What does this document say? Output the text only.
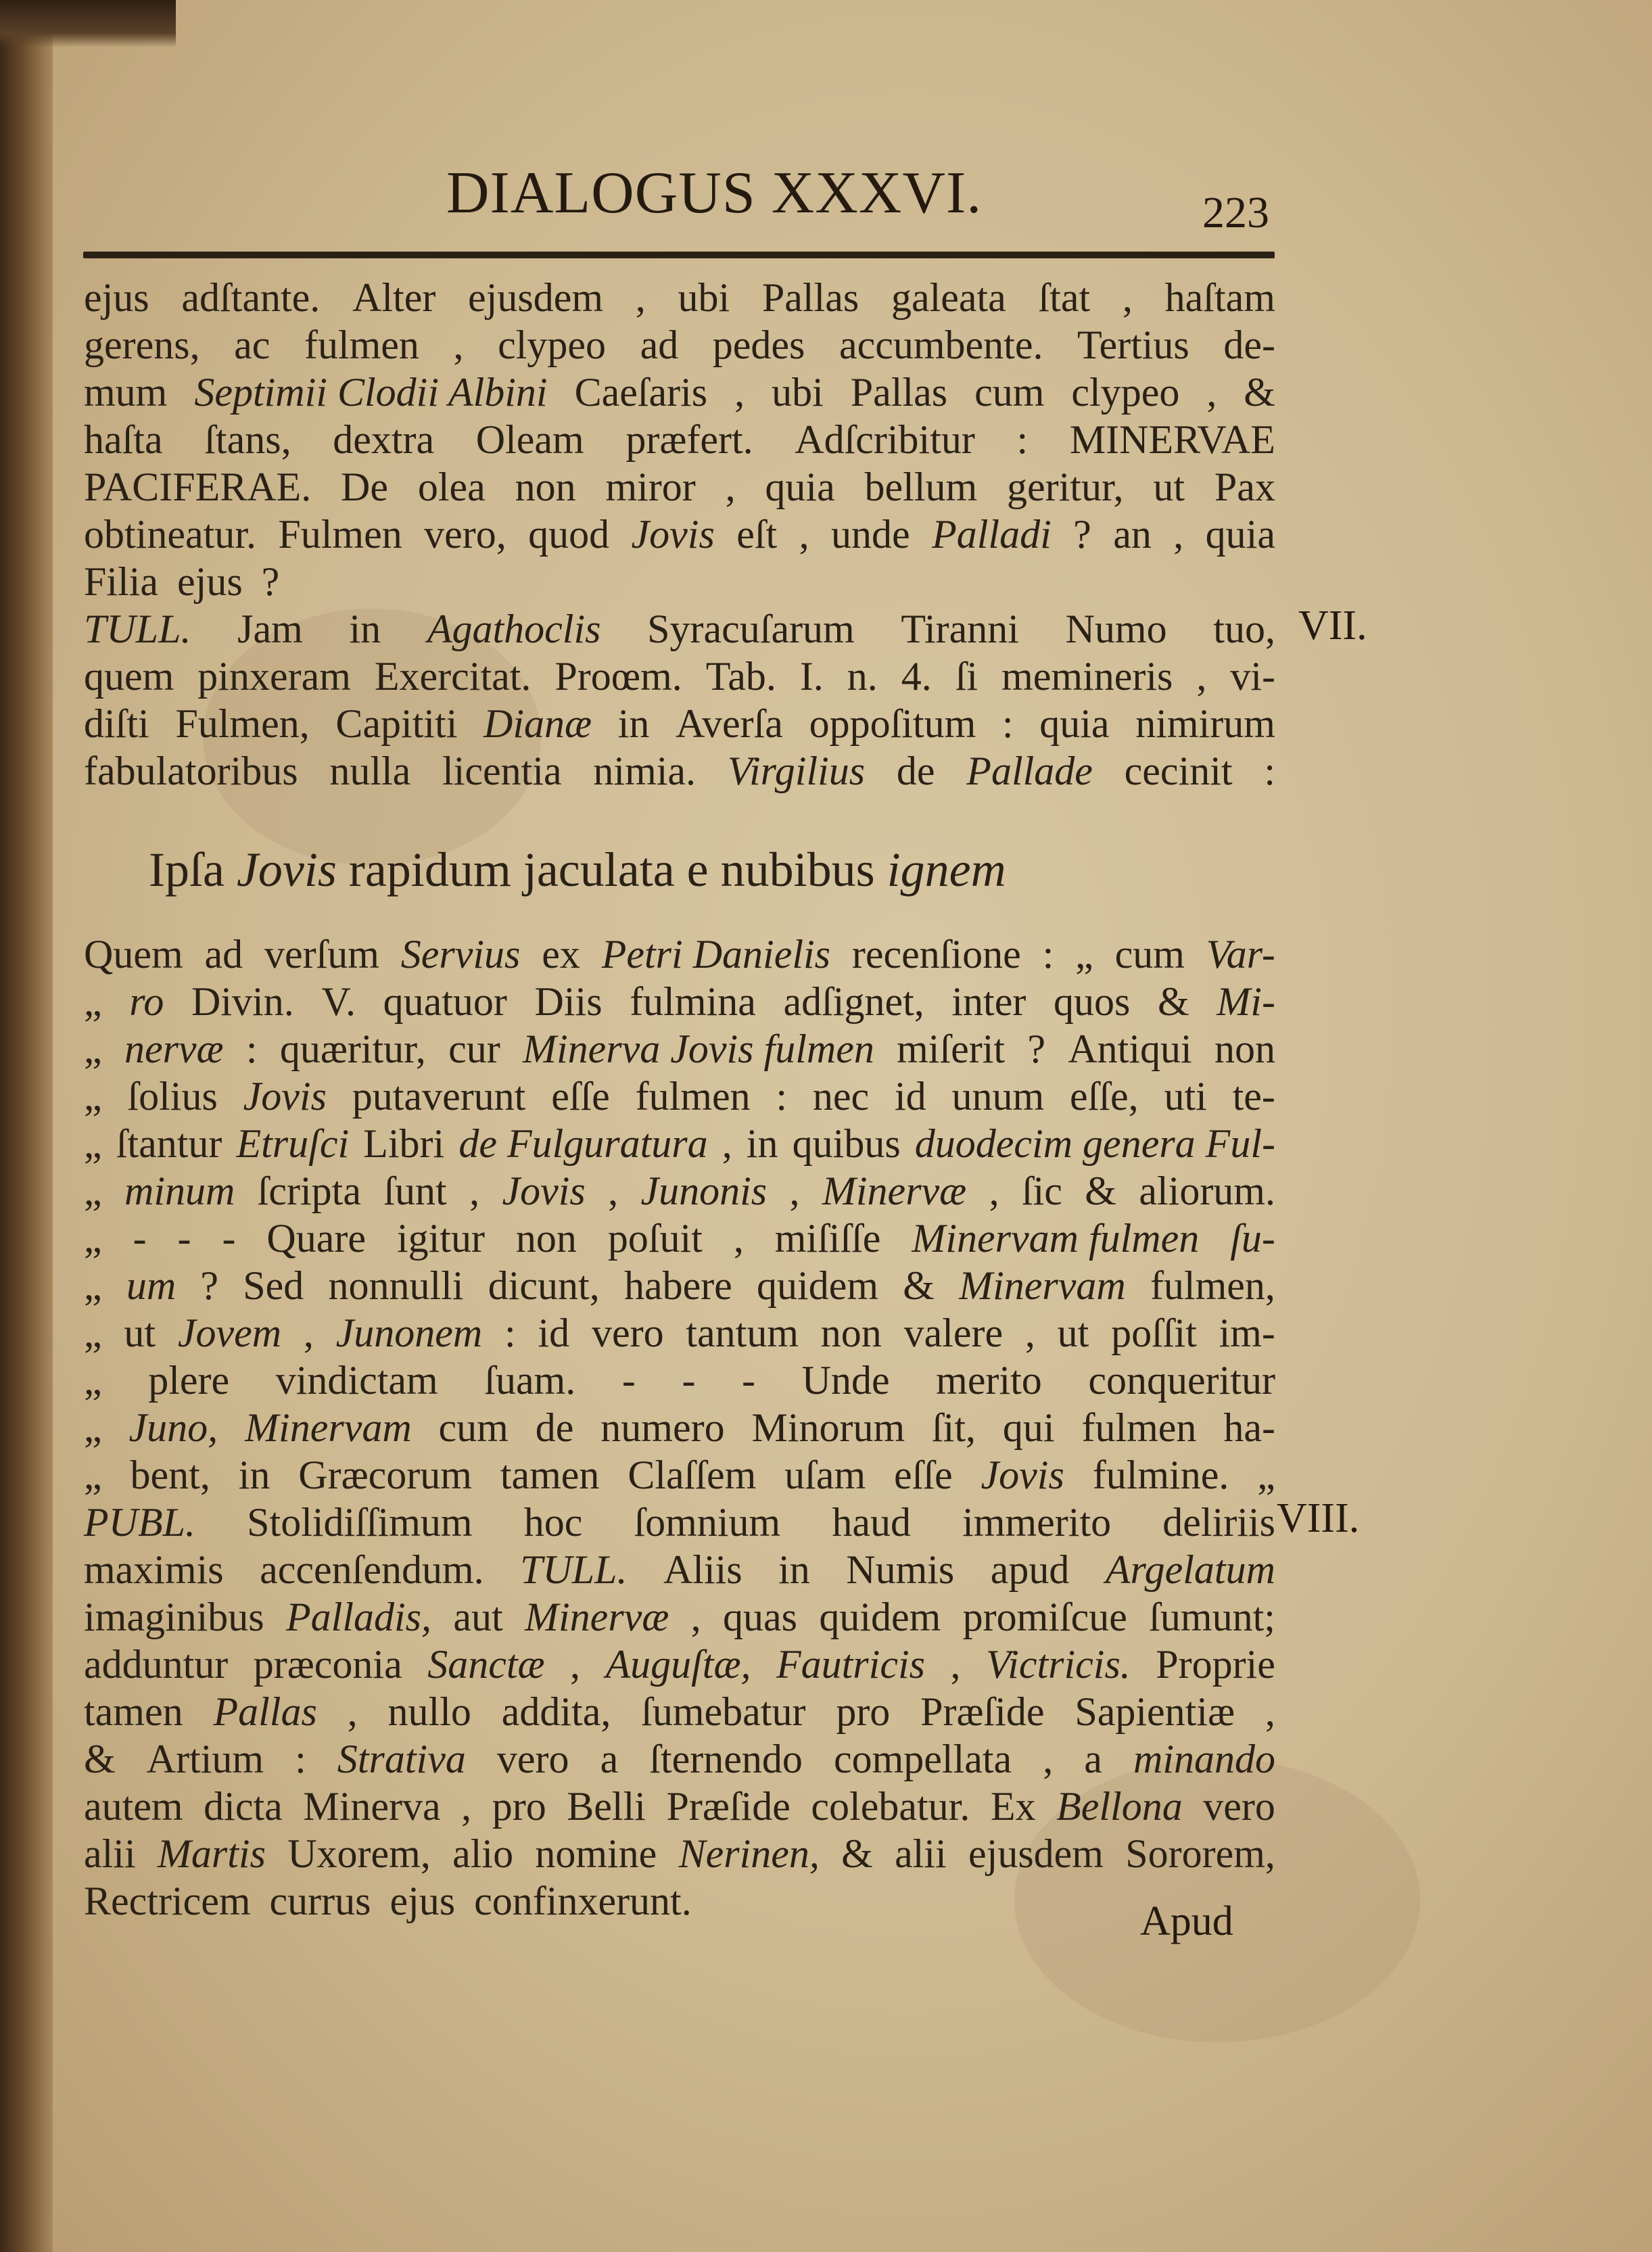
DIALOGUS XXXVI.	223
ejus adſtante. Alter ejusdem , ubi Pallas galeata ſtat , haſtam
gerens, ac fulmen , clypeo ad pedes accumbente. Tertius de-
mum Septimii Clodii Albini Caeſaris , ubi Pallas cum clypeo , &
haſta ſtans, dextra Oleam præfert. Adſcribitur : MINERVAE
PACIFERAE. De olea non miror , quia bellum geritur, ut Pax
obtineatur. Fulmen vero, quod Jovis eſt , unde Palladi ? an , quia
Filia ejus ?
TULL. Jam in Agathoclis Syracuſarum Tiranni Numo tuo,
quem pinxeram Exercitat. Proœm. Tab. I. n. 4. ſi memineris , vi-
diſti Fulmen, Capititi Dianæ in Averſa oppoſitum : quia nimirum
fabulatoribus nulla licentia nimia. Virgilius de Pallade cecinit :
Ipſa Jovis rapidum jaculata e nubibus ignem
Quem ad verſum Servius ex Petri Danielis recenſione : „ cum Var-
„ ro Divin. V. quatuor Diis fulmina adſignet, inter quos & Mi-
„ nervæ : quæritur, cur Minerva Jovis fulmen miſerit ? Antiqui non
„ ſolius Jovis putaverunt eſſe fulmen : nec id unum eſſe, uti te-
„ ſtantur Etruſci Libri de Fulguratura , in quibus duodecim genera Ful-
„ minum ſcripta ſunt , Jovis , Junonis , Minervæ , ſic & aliorum.
„ - - - Quare igitur non poſuit , miſiſſe Minervam fulmen ſu-
„ um ? Sed nonnulli dicunt, habere quidem & Minervam fulmen,
„ ut Jovem , Junonem : id vero tantum non valere , ut poſſit im-
„ plere vindictam ſuam. - - - Unde merito conqueritur
„ Juno, Minervam cum de numero Minorum ſit, qui fulmen ha-
„ bent, in Græcorum tamen Claſſem uſam eſſe Jovis fulmine. „
PUBL. Stolidiſſimum hoc ſomnium haud immerito deliriis
maximis accenſendum. TULL. Aliis in Numis apud Argelatum
imaginibus Palladis, aut Minervæ , quas quidem promiſcue ſumunt;
adduntur præconia Sanctæ , Auguſtæ, Fautricis , Victricis. Proprie
tamen Pallas , nullo addita, ſumebatur pro Præſide Sapientiæ ,
& Artium : Strativa vero a ſternendo compellata , a minando
autem dicta Minerva , pro Belli Præſide colebatur. Ex Bellona vero
alii Martis Uxorem, alio nomine Nerinen, & alii ejusdem Sororem,
Rectricem currus ejus confinxerunt.
VII.
VIII.
Apud
